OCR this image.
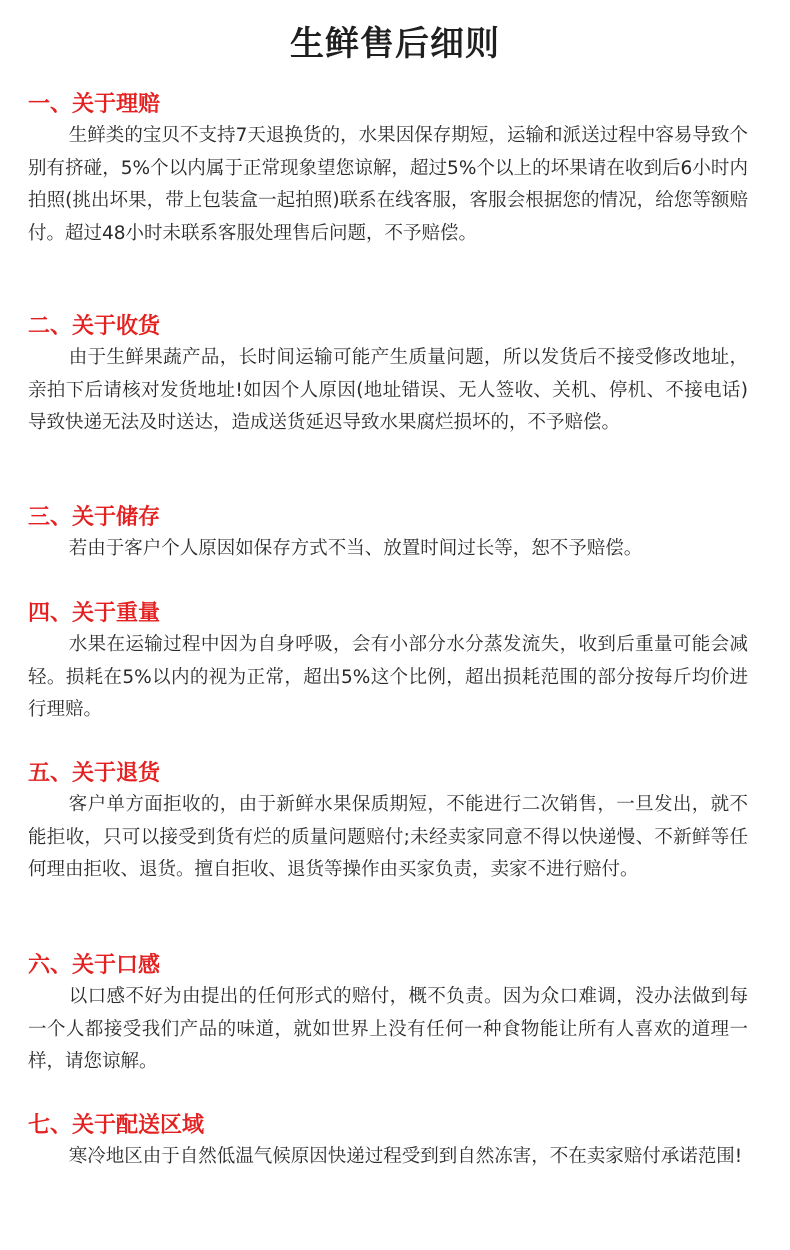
生鲜售后细则
一、关于理赔

生鲜类的宝贝不支持7天退换货的，水果因保存期短，运输和派送过程中容易导致个别有挤碰，5%个以内属于正常现象望您谅解，超过5%个以上的坏果请在收到后6小时内拍照(挑出坏果，带上包装盒一起拍照)联系在线客服，客服会根据您的情况，给您等额赔付。超过48小时未联系客服处理售后问题，不予赔偿。

二、关于收货

由于生鲜果蔬产品，长时间运输可能产生质量问题，所以发货后不接受修改地址，亲拍下后请核对发货地址!如因个人原因(地址错误、无人签收、关机、停机、不接电话)导致快递无法及时送达，造成送货延迟导致水果腐烂损坏的，不予赔偿。

三、关于储存

若由于客户个人原因如保存方式不当、放置时间过长等，恕不予赔偿。

四、关于重量

水果在运输过程中因为自身呼吸，会有小部分水分蒸发流失，收到后重量可能会减轻。损耗在5%以内的视为正常，超出5%这个比例，超出损耗范围的部分按每斤均价进行理赔。

五、关于退货

客户单方面拒收的，由于新鲜水果保质期短，不能进行二次销售，一旦发出，就不能拒收，只可以接受到货有烂的质量问题赔付;未经卖家同意不得以快递慢、不新鲜等任何理由拒收、退货。擅自拒收、退货等操作由买家负责，卖家不进行赔付。

六、关于口感

以口感不好为由提出的任何形式的赔付，概不负责。因为众口难调，没办法做到每一个人都接受我们产品的味道，就如世界上没有任何一种食物能让所有人喜欢的道理一样，请您谅解。

七、关于配送区域

寒冷地区由于自然低温气候原因快递过程受到到自然冻害，不在卖家赔付承诺范围!
